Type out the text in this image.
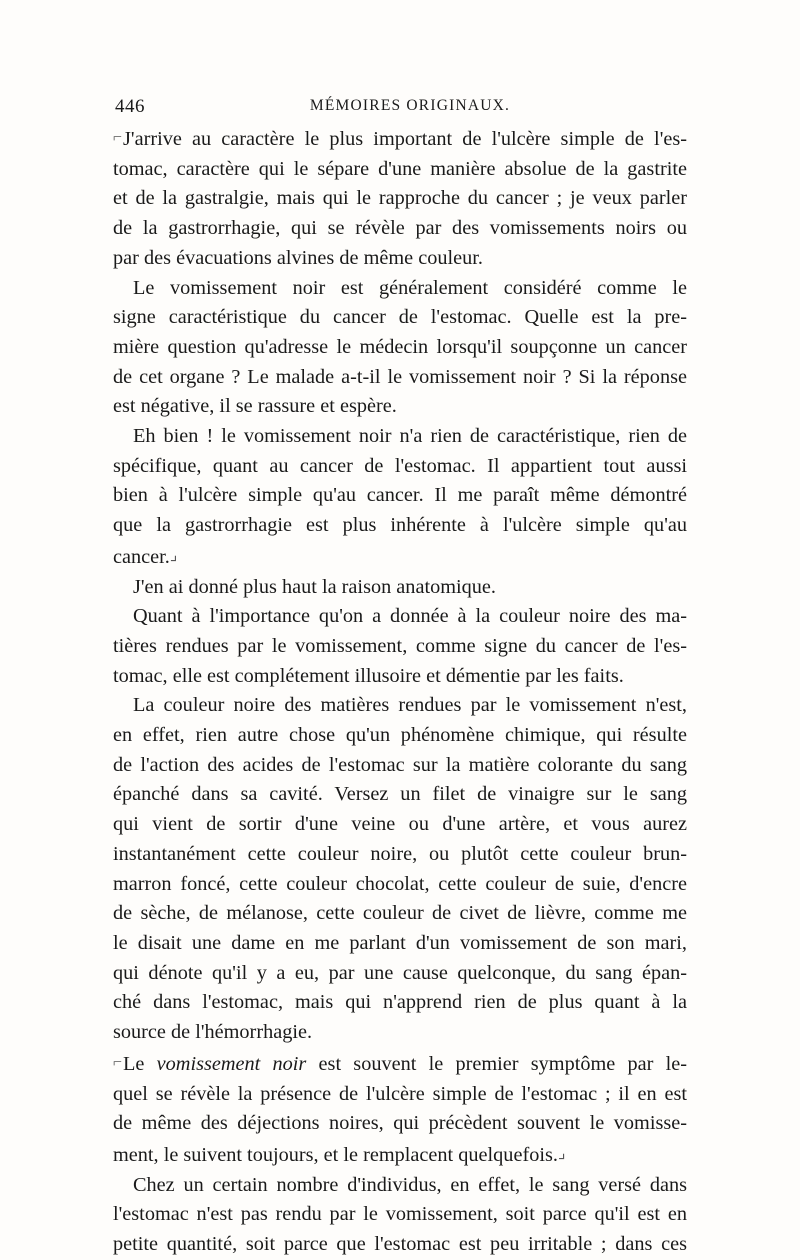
446	MÉMOIRES ORIGINAUX.

⌐J'arrive au caractère le plus important de l'ulcère simple de l'es-

tomac, caractère qui le sépare d'une manière absolue de la gastrite

et de la gastralgie, mais qui le rapproche du cancer ; je veux parler

de la gastrorrhagie, qui se révèle par des vomissements noirs ou

par des évacuations alvines de même couleur.

Le vomissement noir est généralement considéré comme le

signe caractéristique du cancer de l'estomac. Quelle est la pre-

mière question qu'adresse le médecin lorsqu'il soupçonne un cancer

de cet organe ? Le malade a-t-il le vomissement noir ? Si la réponse

est négative, il se rassure et espère.

Eh bien ! le vomissement noir n'a rien de caractéristique, rien de

spécifique, quant au cancer de l'estomac. Il appartient tout aussi

bien à l'ulcère simple qu'au cancer. Il me paraît même démontré

que la gastrorrhagie est plus inhérente à l'ulcère simple qu'au

cancer.⌟

J'en ai donné plus haut la raison anatomique.

Quant à l'importance qu'on a donnée à la couleur noire des ma-

tières rendues par le vomissement, comme signe du cancer de l'es-

tomac, elle est complétement illusoire et démentie par les faits.

La couleur noire des matières rendues par le vomissement n'est,

en effet, rien autre chose qu'un phénomène chimique, qui résulte

de l'action des acides de l'estomac sur la matière colorante du sang

épanché dans sa cavité. Versez un filet de vinaigre sur le sang

qui vient de sortir d'une veine ou d'une artère, et vous aurez

instantanément cette couleur noire, ou plutôt cette couleur brun-

marron foncé, cette couleur chocolat, cette couleur de suie, d'encre

de sèche, de mélanose, cette couleur de civet de lièvre, comme me

le disait une dame en me parlant d'un vomissement de son mari,

qui dénote qu'il y a eu, par une cause quelconque, du sang épan-

ché dans l'estomac, mais qui n'apprend rien de plus quant à la

source de l'hémorrhagie.

⌐Le vomissement noir est souvent le premier symptôme par le-

quel se révèle la présence de l'ulcère simple de l'estomac ; il en est

de même des déjections noires, qui précèdent souvent le vomisse-

ment, le suivent toujours, et le remplacent quelquefois.⌟

Chez un certain nombre d'individus, en effet, le sang versé dans

l'estomac n'est pas rendu par le vomissement, soit parce qu'il est en

petite quantité, soit parce que l'estomac est peu irritable ; dans ces
